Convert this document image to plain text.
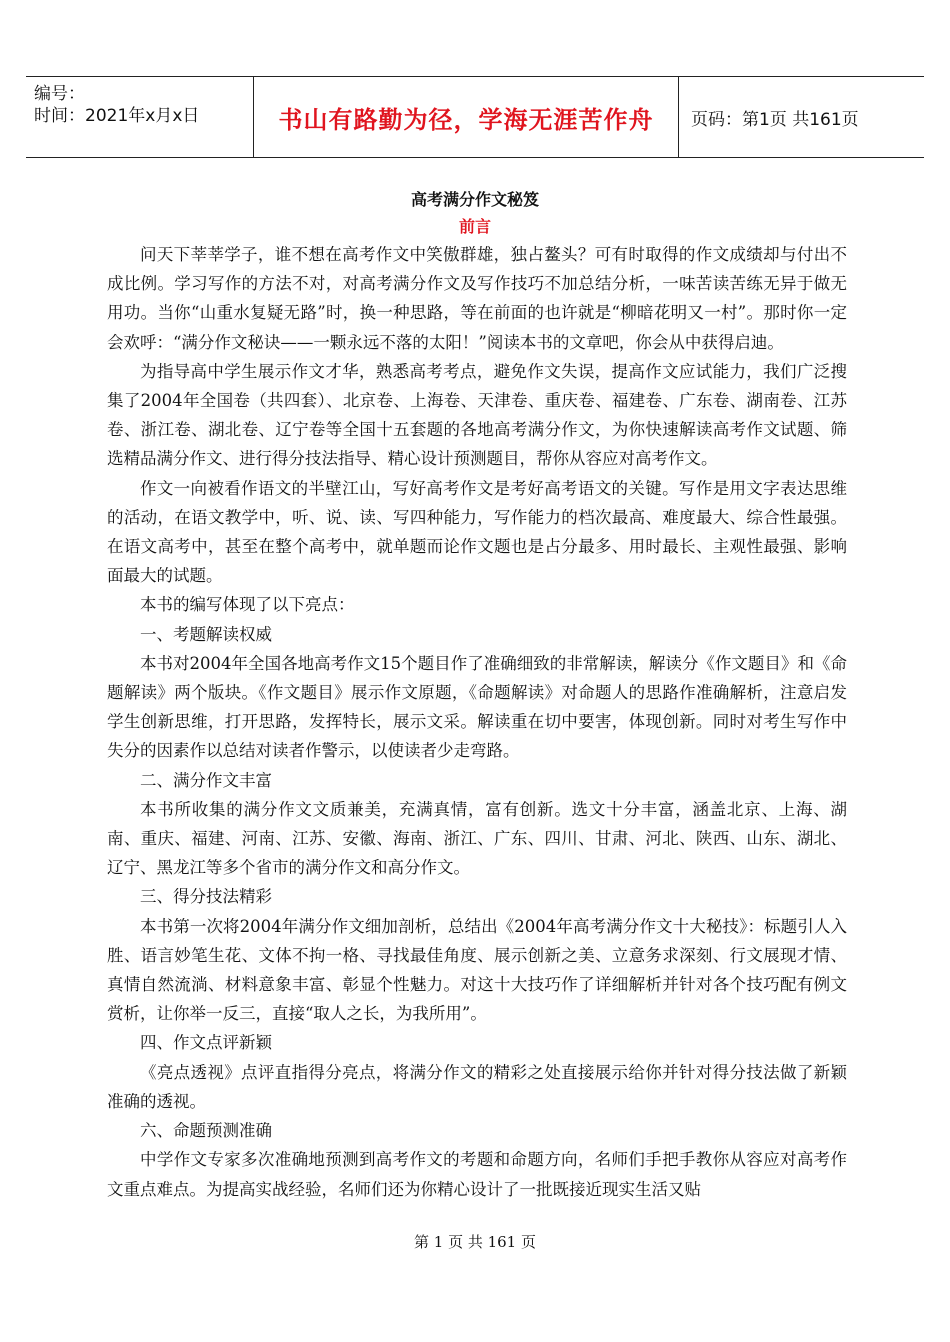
编号：
时间：2021年x月x日	书山有路勤为径，学海无涯苦作舟	页码：第1页 共161页
高考满分作文秘笈
前言

问天下莘莘学子，谁不想在高考作文中笑傲群雄，独占鳌头？可有时取得的作文成绩却与付出不成比例。学习写作的方法不对，对高考满分作文及写作技巧不加总结分析，一味苦读苦练无异于做无用功。当你“山重水复疑无路”时，换一种思路，等在前面的也许就是“柳暗花明又一村”。那时你一定会欢呼：“满分作文秘诀——一颗永远不落的太阳！”阅读本书的文章吧，你会从中获得启迪。

为指导高中学生展示作文才华，熟悉高考考点，避免作文失误，提高作文应试能力，我们广泛搜集了2004年全国卷（共四套）、北京卷、上海卷、天津卷、重庆卷、福建卷、广东卷、湖南卷、江苏卷、浙江卷、湖北卷、辽宁卷等全国十五套题的各地高考满分作文，为你快速解读高考作文试题、筛选精品满分作文、进行得分技法指导、精心设计预测题目，帮你从容应对高考作文。

作文一向被看作语文的半壁江山，写好高考作文是考好高考语文的关键。写作是用文字表达思维的活动，在语文教学中，听、说、读、写四种能力，写作能力的档次最高、难度最大、综合性最强。在语文高考中，甚至在整个高考中，就单题而论作文题也是占分最多、用时最长、主观性最强、影响面最大的试题。

本书的编写体现了以下亮点：

一、考题解读权威

本书对2004年全国各地高考作文15个题目作了准确细致的非常解读，解读分《作文题目》和《命题解读》两个版块。《作文题目》展示作文原题，《命题解读》对命题人的思路作准确解析，注意启发学生创新思维，打开思路，发挥特长，展示文采。解读重在切中要害，体现创新。同时对考生写作中失分的因素作以总结对读者作警示，以使读者少走弯路。

二、满分作文丰富

本书所收集的满分作文文质兼美，充满真情，富有创新。选文十分丰富，涵盖北京、上海、湖南、重庆、福建、河南、江苏、安徽、海南、浙江、广东、四川、甘肃、河北、陕西、山东、湖北、辽宁、黑龙江等多个省市的满分作文和高分作文。

三、得分技法精彩

本书第一次将2004年满分作文细加剖析，总结出《2004年高考满分作文十大秘技》：标题引人入胜、语言妙笔生花、文体不拘一格、寻找最佳角度、展示创新之美、立意务求深刻、行文展现才情、真情自然流淌、材料意象丰富、彰显个性魅力。对这十大技巧作了详细解析并针对各个技巧配有例文赏析，让你举一反三，直接“取人之长，为我所用”。

四、作文点评新颖

《亮点透视》点评直指得分亮点，将满分作文的精彩之处直接展示给你并针对得分技法做了新颖准确的透视。

六、命题预测准确

中学作文专家多次准确地预测到高考作文的考题和命题方向，名师们手把手教你从容应对高考作文重点难点。为提高实战经验，名师们还为你精心设计了一批既接近现实生活又贴

第 1 页 共 161 页
